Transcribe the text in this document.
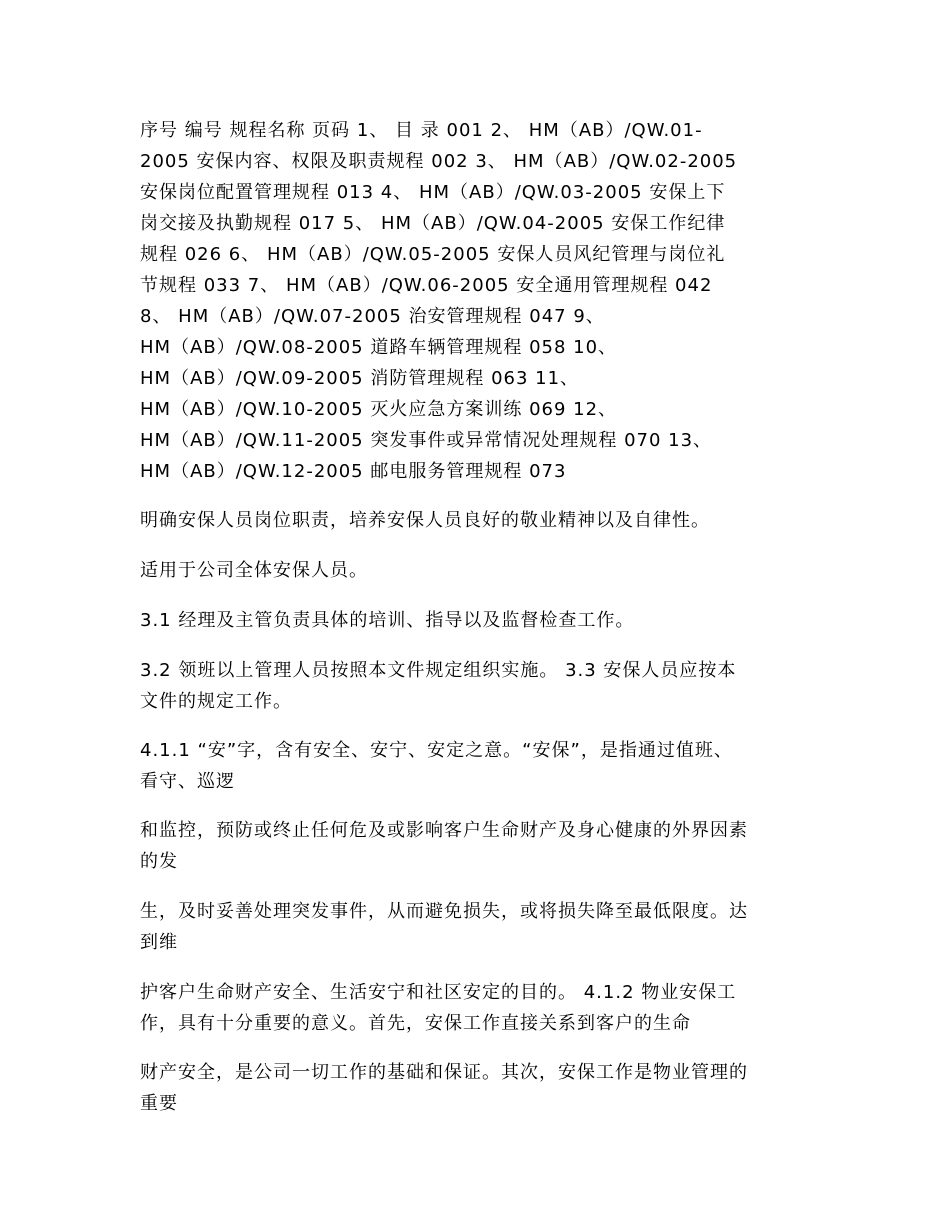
序号 编号 规程名称 页码 1、 目 录 001 2、 HM（AB）/QW.01-
2005 安保内容、权限及职责规程 002 3、 HM（AB）/QW.02-2005
安保岗位配置管理规程 013 4、 HM（AB）/QW.03-2005 安保上下
岗交接及执勤规程 017 5、 HM（AB）/QW.04-2005 安保工作纪律
规程 026 6、 HM（AB）/QW.05-2005 安保人员风纪管理与岗位礼
节规程 033 7、 HM（AB）/QW.06-2005 安全通用管理规程 042
8、 HM（AB）/QW.07-2005 治安管理规程 047 9、
HM（AB）/QW.08-2005 道路车辆管理规程 058 10、
HM（AB）/QW.09-2005 消防管理规程 063 11、
HM（AB）/QW.10-2005 灭火应急方案训练 069 12、
HM（AB）/QW.11-2005 突发事件或异常情况处理规程 070 13、
HM（AB）/QW.12-2005 邮电服务管理规程 073
明确安保人员岗位职责，培养安保人员良好的敬业精神以及自律性。
适用于公司全体安保人员。
3.1 经理及主管负责具体的培训、指导以及监督检查工作。
3.2 领班以上管理人员按照本文件规定组织实施。 3.3 安保人员应按本
文件的规定工作。
4.1.1 “安”字，含有安全、安宁、安定之意。“安保”，是指通过值班、
看守、巡逻
和监控，预防或终止任何危及或影响客户生命财产及身心健康的外界因素
的发
生，及时妥善处理突发事件，从而避免损失，或将损失降至最低限度。达
到维
护客户生命财产安全、生活安宁和社区安定的目的。 4.1.2 物业安保工
作，具有十分重要的意义。首先，安保工作直接关系到客户的生命
财产安全，是公司一切工作的基础和保证。其次，安保工作是物业管理的
重要
